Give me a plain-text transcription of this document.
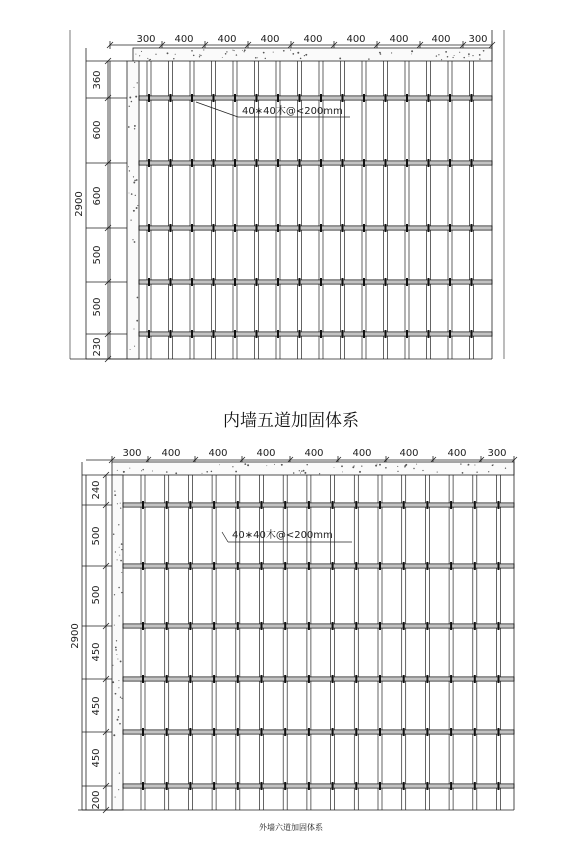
300 400 400 400 400 400 400 400 300
360
600
600
500
500
230
2900
40∗40木@<200mm
300 400	400	400	400	400	400	400 300
240
500
500
450
450
450
200
2900
40∗40木@<200mm
内墙五道加固体系
外墙六道加固体系
